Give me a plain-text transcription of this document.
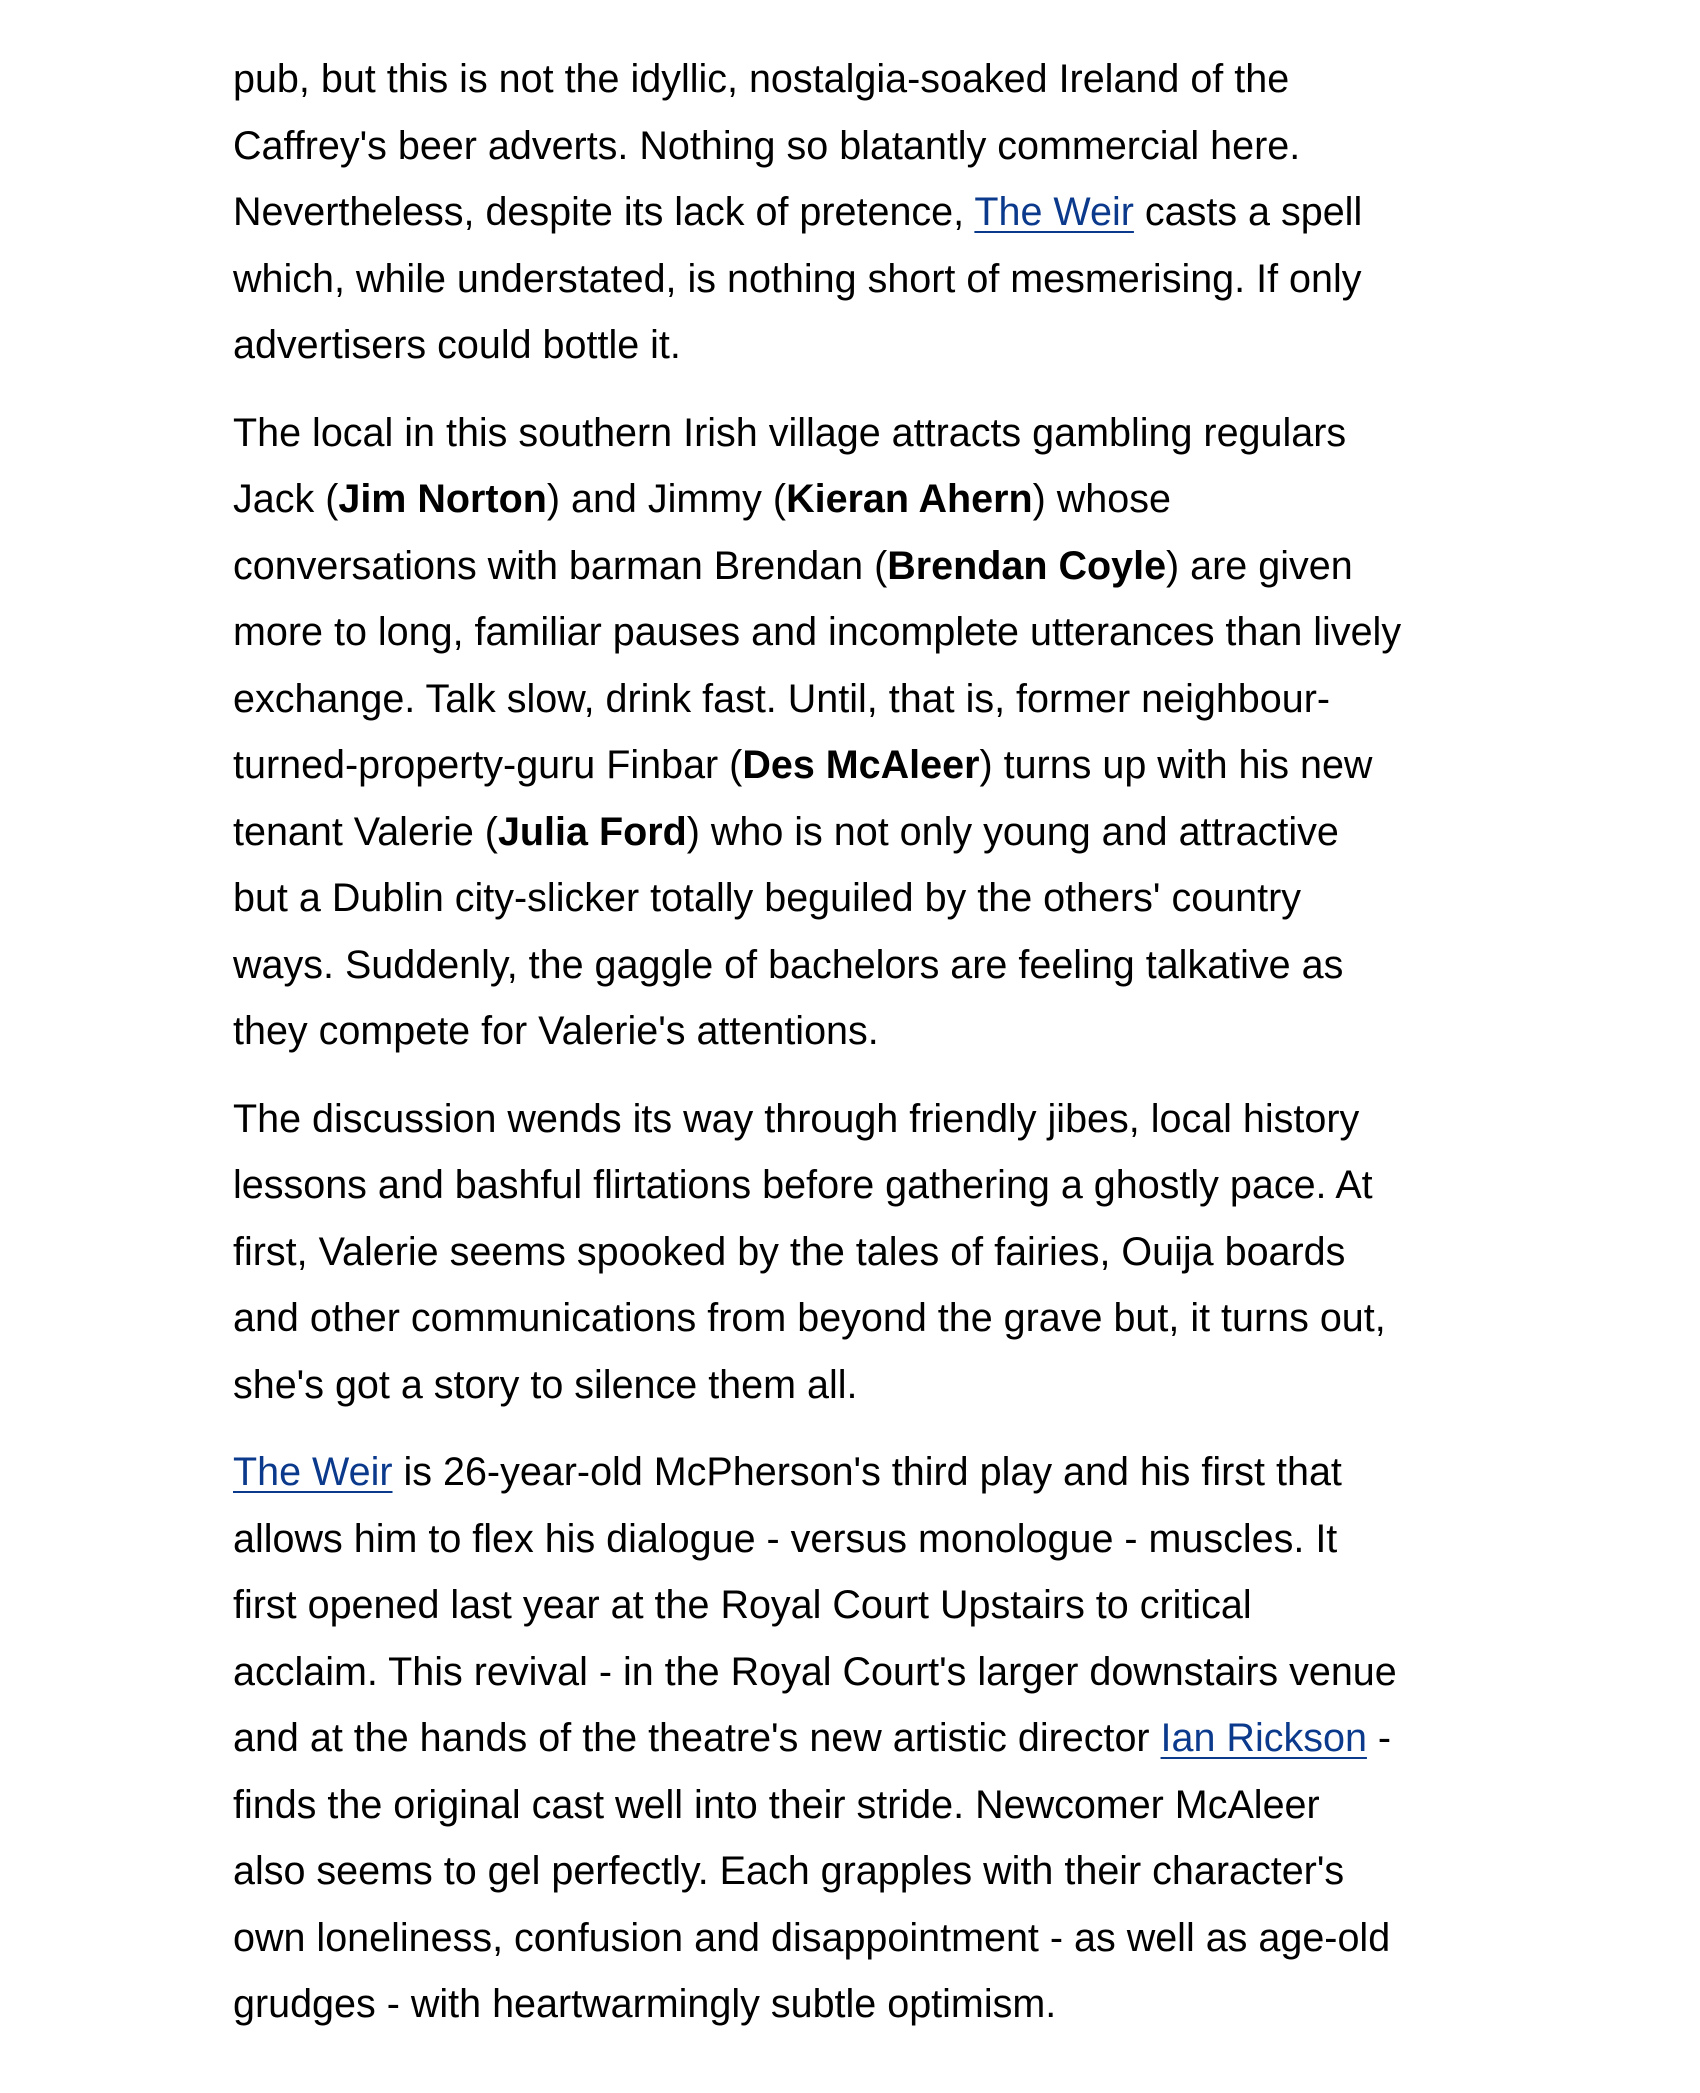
pub, but this is not the idyllic, nostalgia-soaked Ireland of the
Caffrey's beer adverts. Nothing so blatantly commercial here.
Nevertheless, despite its lack of pretence, The Weir casts a spell
which, while understated, is nothing short of mesmerising. If only
advertisers could bottle it.

The local in this southern Irish village attracts gambling regulars
Jack (Jim Norton) and Jimmy (Kieran Ahern) whose
conversations with barman Brendan (Brendan Coyle) are given
more to long, familiar pauses and incomplete utterances than lively
exchange. Talk slow, drink fast. Until, that is, former neighbour-
turned-property-guru Finbar (Des McAleer) turns up with his new
tenant Valerie (Julia Ford) who is not only young and attractive
but a Dublin city-slicker totally beguiled by the others' country
ways. Suddenly, the gaggle of bachelors are feeling talkative as
they compete for Valerie's attentions.

The discussion wends its way through friendly jibes, local history
lessons and bashful flirtations before gathering a ghostly pace. At
first, Valerie seems spooked by the tales of fairies, Ouija boards
and other communications from beyond the grave but, it turns out,
she's got a story to silence them all.

The Weir is 26-year-old McPherson's third play and his first that
allows him to flex his dialogue - versus monologue - muscles. It
first opened last year at the Royal Court Upstairs to critical
acclaim. This revival - in the Royal Court's larger downstairs venue
and at the hands of the theatre's new artistic director Ian Rickson -
finds the original cast well into their stride. Newcomer McAleer
also seems to gel perfectly. Each grapples with their character's
own loneliness, confusion and disappointment - as well as age-old
grudges - with heartwarmingly subtle optimism.
